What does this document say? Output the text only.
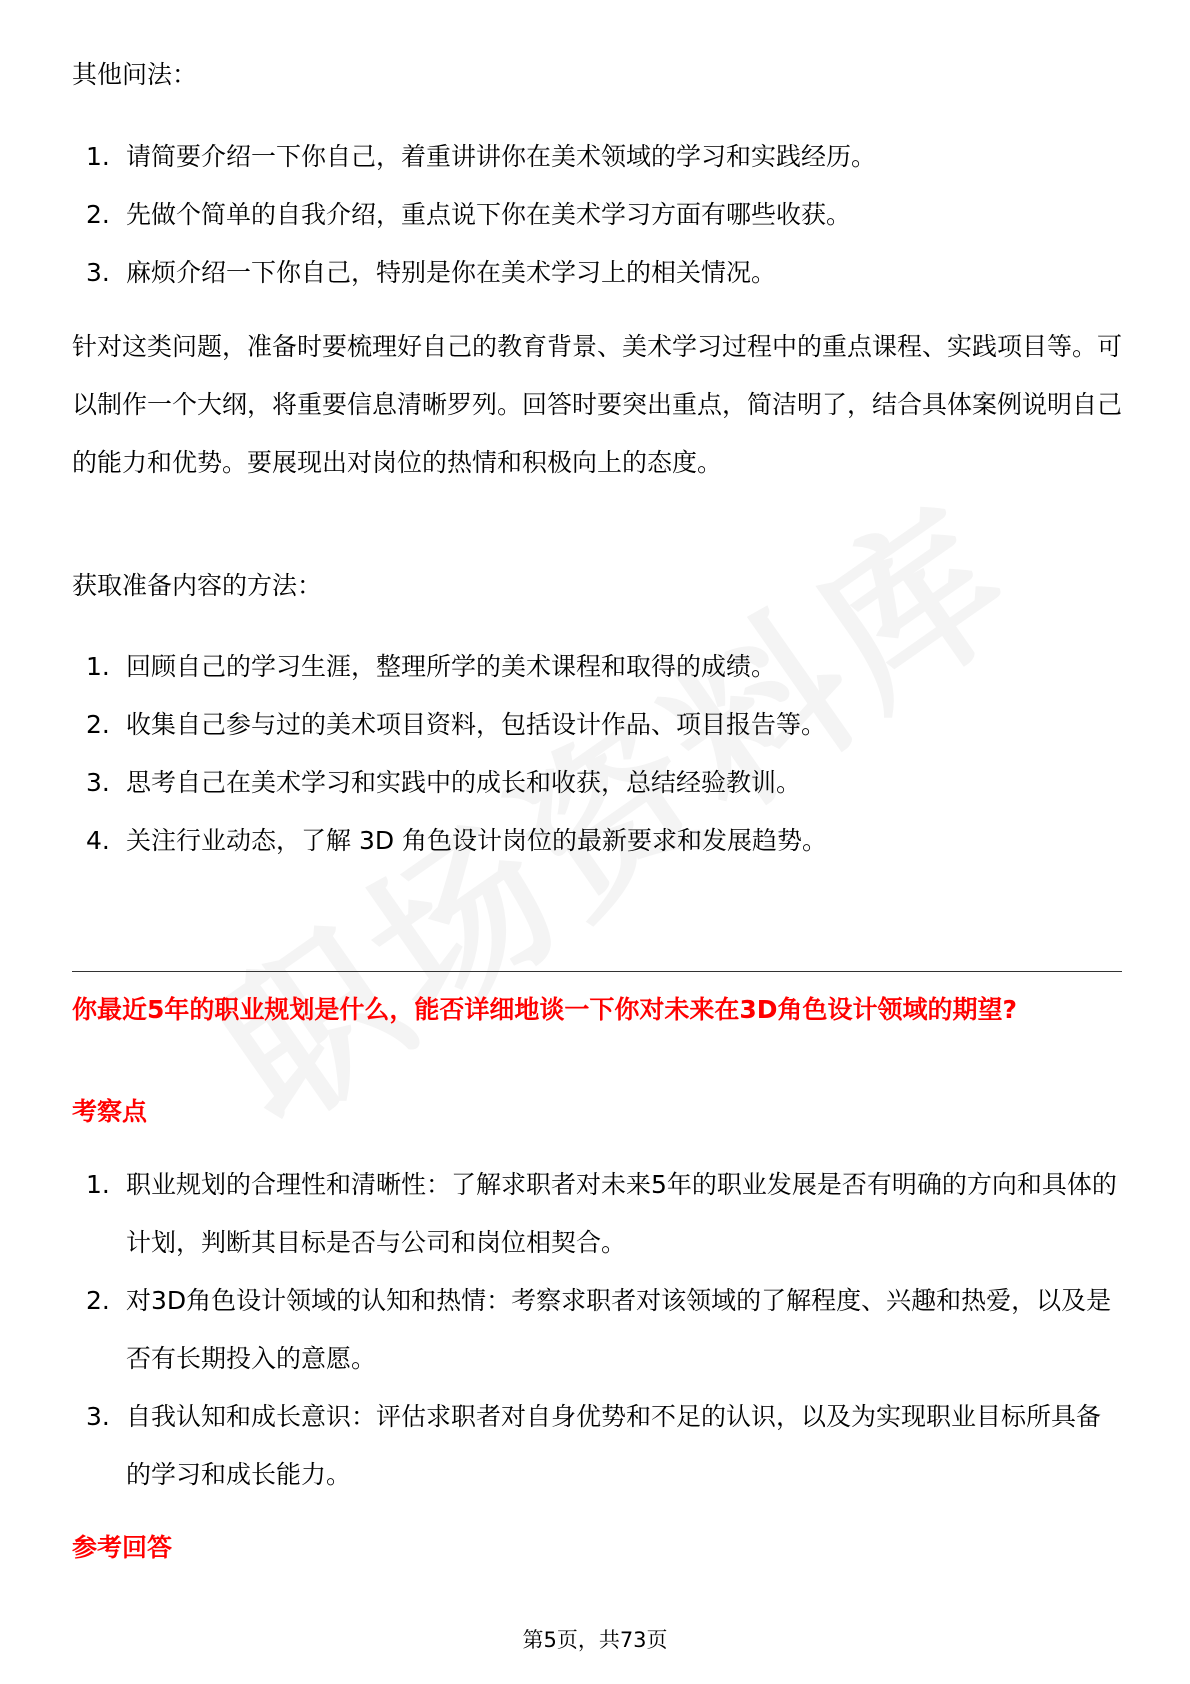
其他问法：

1. 请简要介绍一下你自己，着重讲讲你在美术领域的学习和实践经历。
2. 先做个简单的自我介绍，重点说下你在美术学习方面有哪些收获。
3. 麻烦介绍一下你自己，特别是你在美术学习上的相关情况。

针对这类问题，准备时要梳理好自己的教育背景、美术学习过程中的重点课程、实践项目等。可以制作一个大纲，将重要信息清晰罗列。回答时要突出重点，简洁明了，结合具体案例说明自己的能力和优势。要展现出对岗位的热情和积极向上的态度。

获取准备内容的方法：

1. 回顾自己的学习生涯，整理所学的美术课程和取得的成绩。
2. 收集自己参与过的美术项目资料，包括设计作品、项目报告等。
3. 思考自己在美术学习和实践中的成长和收获，总结经验教训。
4. 关注行业动态，了解 3D 角色设计岗位的最新要求和发展趋势。

你最近5年的职业规划是什么，能否详细地谈一下你对未来在3D角色设计领域的期望?

考察点

1. 职业规划的合理性和清晰性：了解求职者对未来5年的职业发展是否有明确的方向和具体的计划，判断其目标是否与公司和岗位相契合。
2. 对3D角色设计领域的认知和热情：考察求职者对该领域的了解程度、兴趣和热爱，以及是否有长期投入的意愿。
3. 自我认知和成长意识：评估求职者对自身优势和不足的认识，以及为实现职业目标所具备的学习和成长能力。

参考回答

第5页，共73页
